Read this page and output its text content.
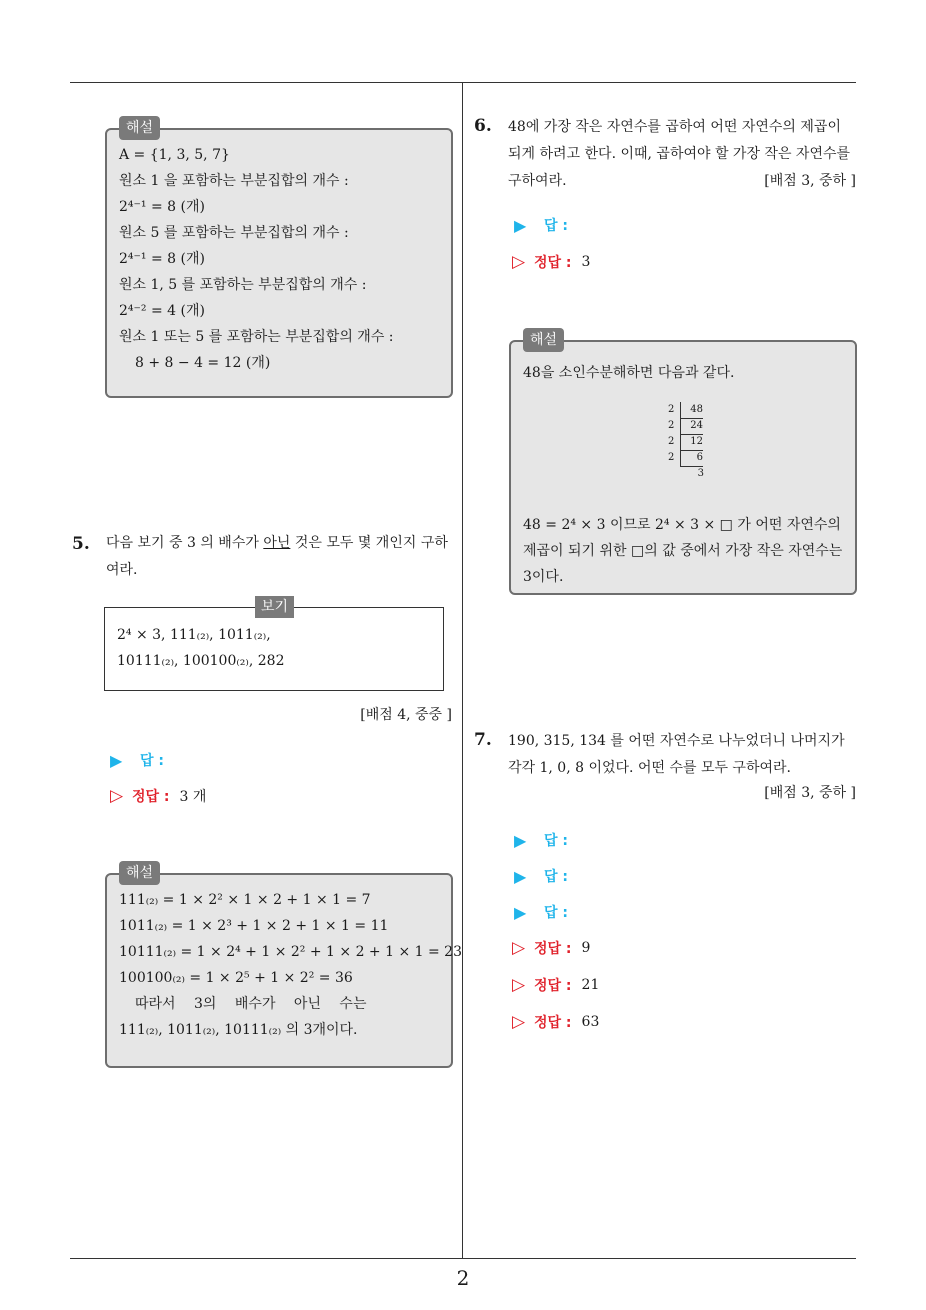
2
해설
A = {1, 3, 5, 7}
원소 1 을 포함하는 부분집합의 개수 :
2⁴⁻¹ = 8 (개)
원소 5 를 포함하는 부분집합의 개수 :
2⁴⁻¹ = 8 (개)
원소 1, 5 를 포함하는 부분집합의 개수 :
2⁴⁻² = 4 (개)
원소 1 또는 5 를 포함하는 부분집합의 개수 :
8 + 8 − 4 = 12 (개)
5. 다음 보기 중 3 의 배수가 아닌 것은 모두 몇 개인지 구하여라.
보기
2⁴ × 3, 111₍₂₎, 1011₍₂₎,
10111₍₂₎, 100100₍₂₎, 282
[배점 4, 중중 ]
▶	답 :
▷ 정답 : 3 개
해설
111₍₂₎ = 1 × 2² × 1 × 2 + 1 × 1 = 7
1011₍₂₎ = 1 × 2³ + 1 × 2 + 1 × 1 = 11
10111₍₂₎ = 1 × 2⁴ + 1 × 2² + 1 × 2 + 1 × 1 = 23
100100₍₂₎ = 1 × 2⁵ + 1 × 2² = 36
따라서 3의 배수가 아닌 수는
111₍₂₎, 1011₍₂₎, 10111₍₂₎ 의 3개이다.
6. 48에 가장 작은 자연수를 곱하여 어떤 자연수의 제곱이 되게 하려고 한다. 이때, 곱하여야 할 가장 작은 자연수를 구하여라.	[배점 3, 중하 ]
▶	답 :
▷ 정답 : 3
해설
48을 소인수분해하면 다음과 같다.
48 = 2⁴ × 3 이므로 2⁴ × 3 × □ 가 어떤 자연수의 제곱이 되기 위한 □의 값 중에서 가장 작은 자연수는 3이다.
2 48
2 24
2 12
2 6
3
7. 190, 315, 134 를 어떤 자연수로 나누었더니 나머지가 각각 1, 0, 8 이었다. 어떤 수를 모두 구하여라.
[배점 3, 중하 ]
▶	답 :
▶	답 :
▶	답 :
▷ 정답 : 9
▷ 정답 : 21
▷ 정답 : 63
